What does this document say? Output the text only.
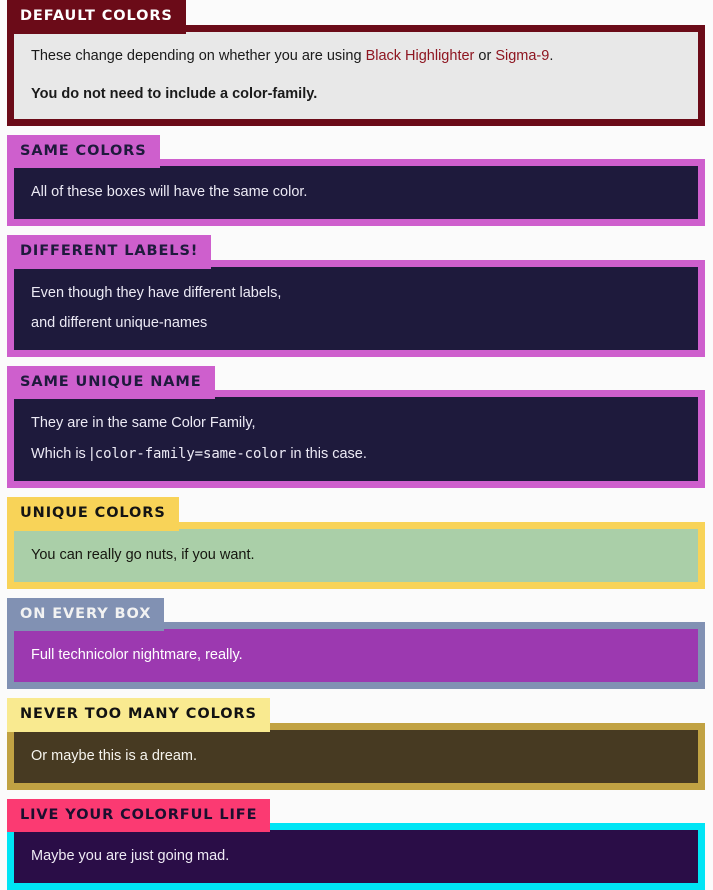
DEFAULT COLORS

These change depending on whether you are using Black Highlighter or Sigma-9.

You do not need to include a color-family.

SAME COLORS

All of these boxes will have the same color.

DIFFERENT LABELS!

Even though they have different labels,

and different unique-names

SAME UNIQUE NAME

They are in the same Color Family,

Which is |color-family=same-color in this case.

UNIQUE COLORS

You can really go nuts, if you want.

ON EVERY BOX

Full technicolor nightmare, really.

NEVER TOO MANY COLORS

Or maybe this is a dream.

LIVE YOUR COLORFUL LIFE

Maybe you are just going mad.
